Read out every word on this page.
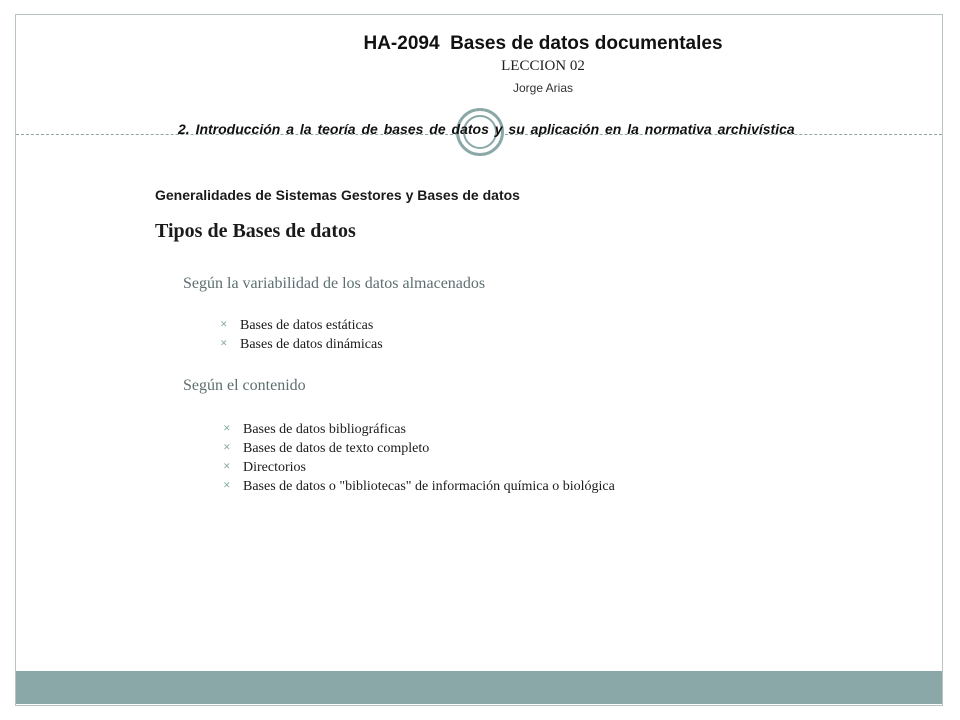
HA-2094  Bases de datos documentales
LECCION 02
Jorge Arias
2. Introducción a la teoría de bases de datos y su aplicación en la normativa archivística
Generalidades de Sistemas Gestores y Bases de datos
Tipos de Bases de datos
Según la variabilidad de los datos almacenados
✕ Bases de datos estáticas
✕ Bases de datos dinámicas
Según el contenido
✕ Bases de datos bibliográficas
✕ Bases de datos de texto completo
✕ Directorios
✕ Bases de datos o "bibliotecas" de información química o biológica
